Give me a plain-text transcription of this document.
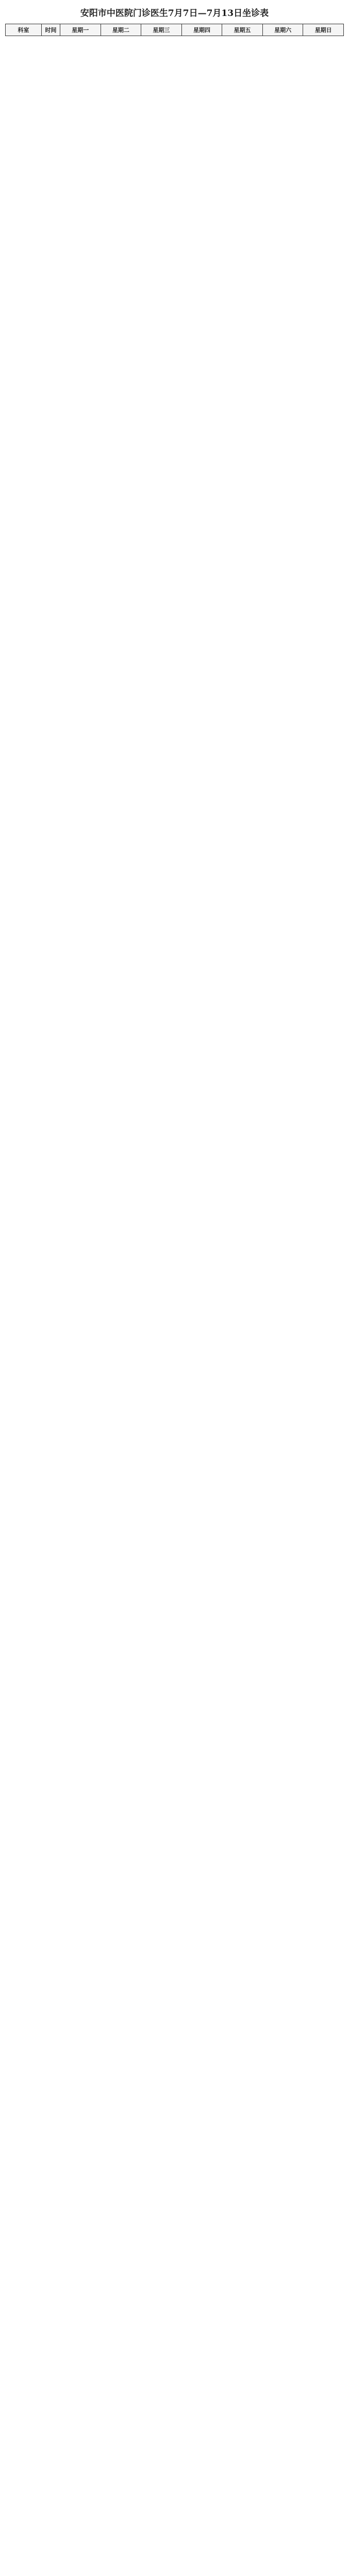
安阳市中医院门诊医生7月7日—7月13日坐诊表
科室	时间	星期一	星期二	星期三	星期四	星期五	星期六	星期日
